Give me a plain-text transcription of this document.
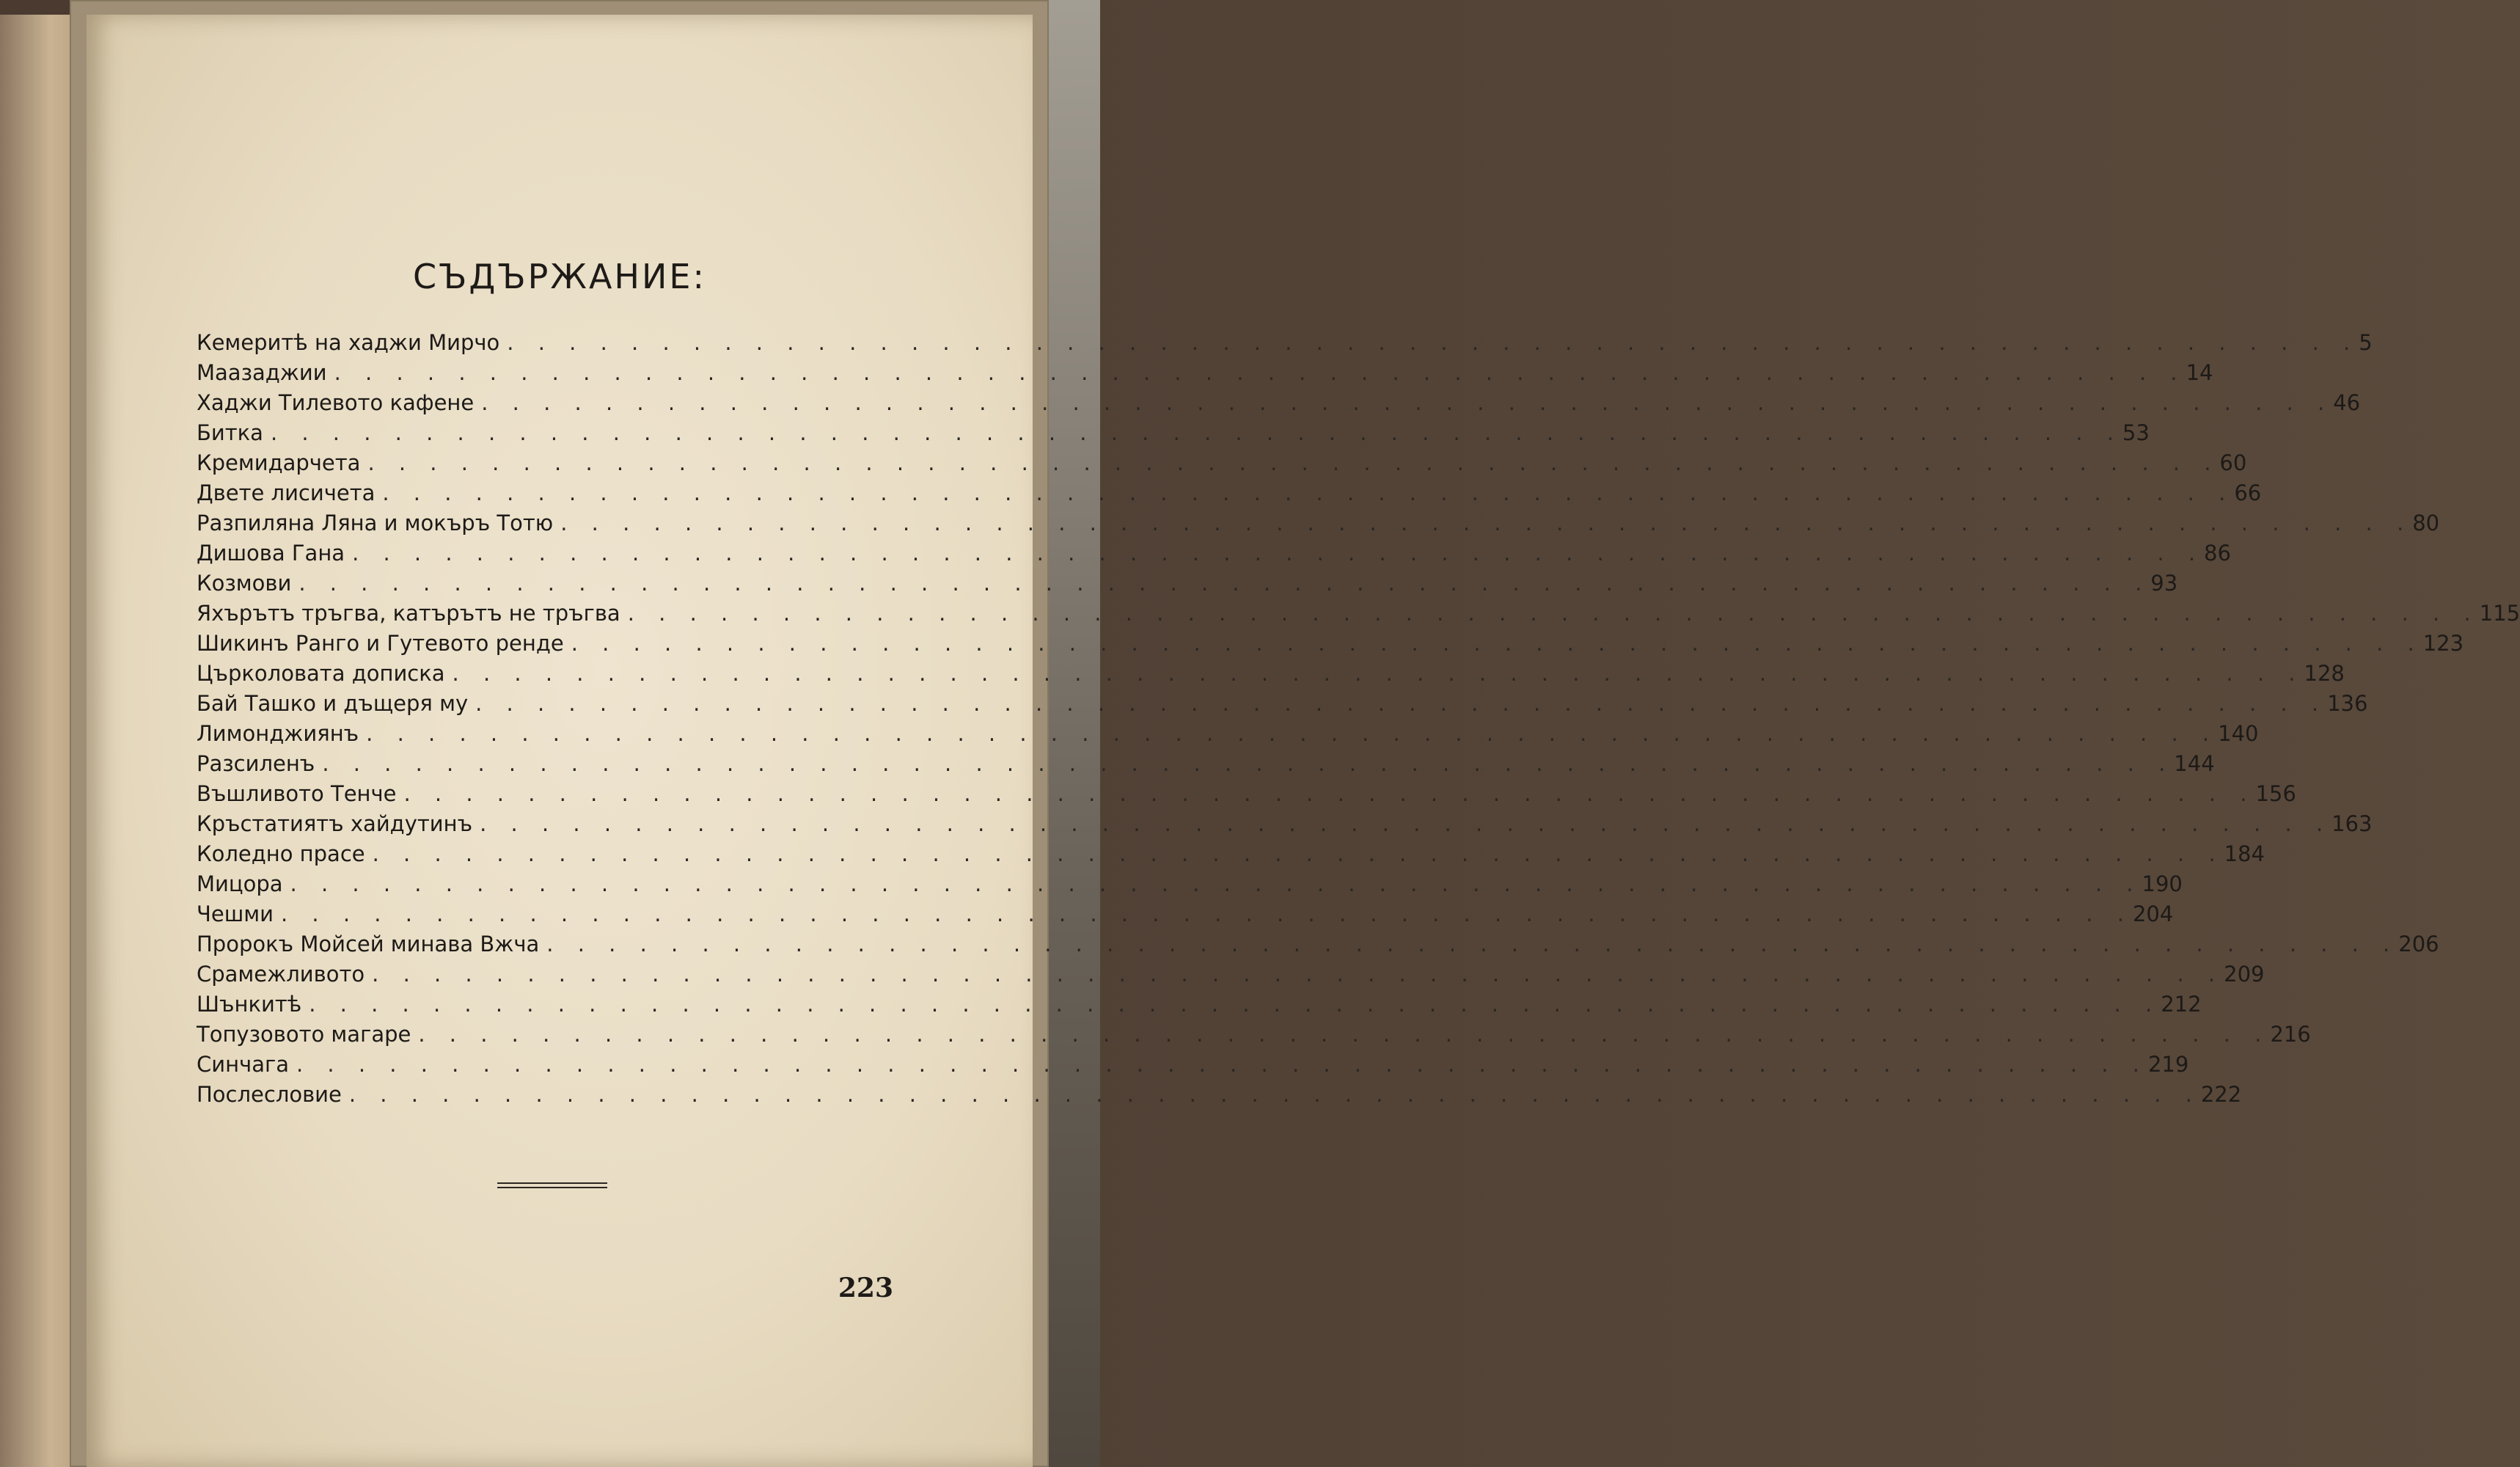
СЪДЪРЖАНИЕ:
Кемеритѣ на хаджи Мирчо . . . . . . . . . . . . . . . . . . . . . . . . . . . . . . . . . . . . . . . . . . . . . . . . . . . . . . . . . . . . 5
Маазаджии . . . . . . . . . . . . . . . . . . . . . . . . . . . . . . . . . . . . . . . . . . . . . . . . . . . . . . . . . . . . 14
Хаджи Тилевото кафене . . . . . . . . . . . . . . . . . . . . . . . . . . . . . . . . . . . . . . . . . . . . . . . . . . . . . . . . . . . . 46
Битка . . . . . . . . . . . . . . . . . . . . . . . . . . . . . . . . . . . . . . . . . . . . . . . . . . . . . . . . . . . . 53
Кремидарчета . . . . . . . . . . . . . . . . . . . . . . . . . . . . . . . . . . . . . . . . . . . . . . . . . . . . . . . . . . . . 60
Двете лисичета . . . . . . . . . . . . . . . . . . . . . . . . . . . . . . . . . . . . . . . . . . . . . . . . . . . . . . . . . . . . 66
Разпиляна Ляна и мокъръ Тотю . . . . . . . . . . . . . . . . . . . . . . . . . . . . . . . . . . . . . . . . . . . . . . . . . . . . . . . . . . . . 80
Дишова Гана . . . . . . . . . . . . . . . . . . . . . . . . . . . . . . . . . . . . . . . . . . . . . . . . . . . . . . . . . . . . 86
Козмови . . . . . . . . . . . . . . . . . . . . . . . . . . . . . . . . . . . . . . . . . . . . . . . . . . . . . . . . . . . . 93
Яхърътъ тръгва, катърътъ не тръгва . . . . . . . . . . . . . . . . . . . . . . . . . . . . . . . . . . . . . . . . . . . . . . . . . . . . . . . . . . . . 115
Шикинъ Ранго и Гутевото ренде . . . . . . . . . . . . . . . . . . . . . . . . . . . . . . . . . . . . . . . . . . . . . . . . . . . . . . . . . . . . 123
Църколовата дописка . . . . . . . . . . . . . . . . . . . . . . . . . . . . . . . . . . . . . . . . . . . . . . . . . . . . . . . . . . . . 128
Бай Ташко и дъщеря му . . . . . . . . . . . . . . . . . . . . . . . . . . . . . . . . . . . . . . . . . . . . . . . . . . . . . . . . . . . . 136
Лимонджиянъ . . . . . . . . . . . . . . . . . . . . . . . . . . . . . . . . . . . . . . . . . . . . . . . . . . . . . . . . . . . . 140
Разсиленъ . . . . . . . . . . . . . . . . . . . . . . . . . . . . . . . . . . . . . . . . . . . . . . . . . . . . . . . . . . . . 144
Въшливото Тенче . . . . . . . . . . . . . . . . . . . . . . . . . . . . . . . . . . . . . . . . . . . . . . . . . . . . . . . . . . . . 156
Кръстатиятъ хайдутинъ . . . . . . . . . . . . . . . . . . . . . . . . . . . . . . . . . . . . . . . . . . . . . . . . . . . . . . . . . . . . 163
Коледно прасе . . . . . . . . . . . . . . . . . . . . . . . . . . . . . . . . . . . . . . . . . . . . . . . . . . . . . . . . . . . . 184
Мицора . . . . . . . . . . . . . . . . . . . . . . . . . . . . . . . . . . . . . . . . . . . . . . . . . . . . . . . . . . . . 190
Чешми . . . . . . . . . . . . . . . . . . . . . . . . . . . . . . . . . . . . . . . . . . . . . . . . . . . . . . . . . . . . 204
Пророкъ Мойсей минава Вжча . . . . . . . . . . . . . . . . . . . . . . . . . . . . . . . . . . . . . . . . . . . . . . . . . . . . . . . . . . . . 206
Срамежливото . . . . . . . . . . . . . . . . . . . . . . . . . . . . . . . . . . . . . . . . . . . . . . . . . . . . . . . . . . . . 209
Шънкитѣ . . . . . . . . . . . . . . . . . . . . . . . . . . . . . . . . . . . . . . . . . . . . . . . . . . . . . . . . . . . . 212
Топузовото магаре . . . . . . . . . . . . . . . . . . . . . . . . . . . . . . . . . . . . . . . . . . . . . . . . . . . . . . . . . . . . 216
Синчага . . . . . . . . . . . . . . . . . . . . . . . . . . . . . . . . . . . . . . . . . . . . . . . . . . . . . . . . . . . . 219
Послесловие . . . . . . . . . . . . . . . . . . . . . . . . . . . . . . . . . . . . . . . . . . . . . . . . . . . . . . . . . . . . 222
223
